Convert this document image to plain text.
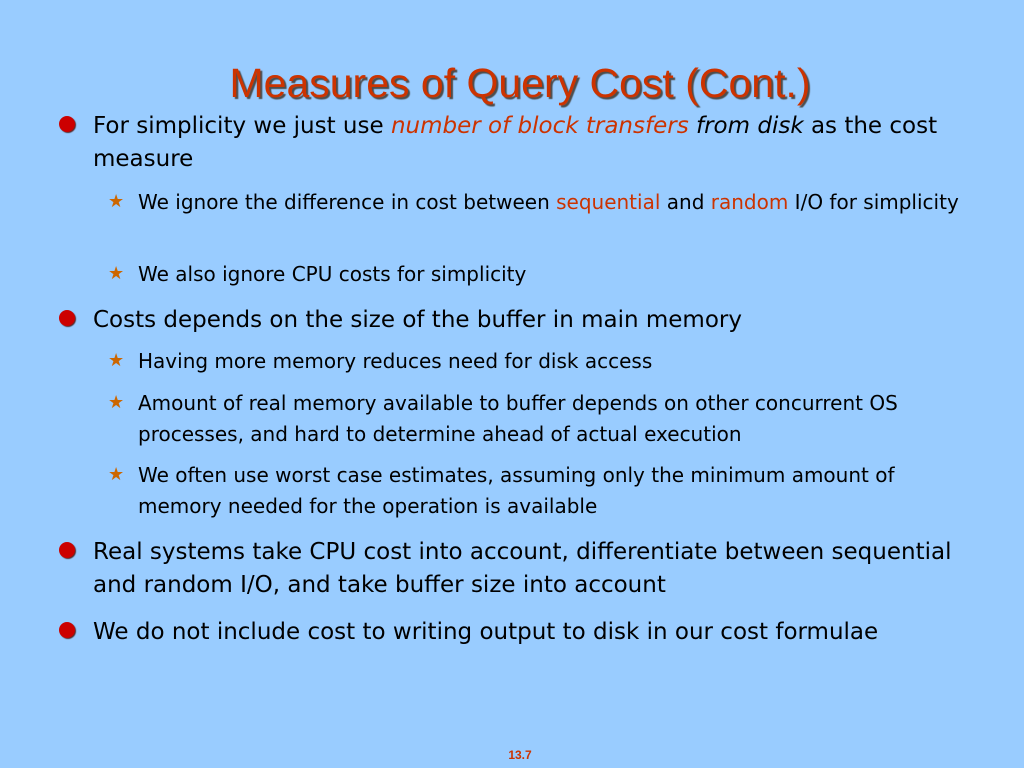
Measures of Query Cost (Cont.)
For simplicity we just use number of block transfers from disk as the cost measure
★ We ignore the difference in cost between sequential and random I/O for simplicity
★ We also ignore CPU costs for simplicity
Costs depends on the size of the buffer in main memory
★ Having more memory reduces need for disk access
★ Amount of real memory available to buffer depends on other concurrent OS processes, and hard to determine ahead of actual execution
★ We often use worst case estimates, assuming only the minimum amount of memory needed for the operation is available
Real systems take CPU cost into account, differentiate between sequential and random I/O, and take buffer size into account
We do not include cost to writing output to disk in our cost formulae
13.7
